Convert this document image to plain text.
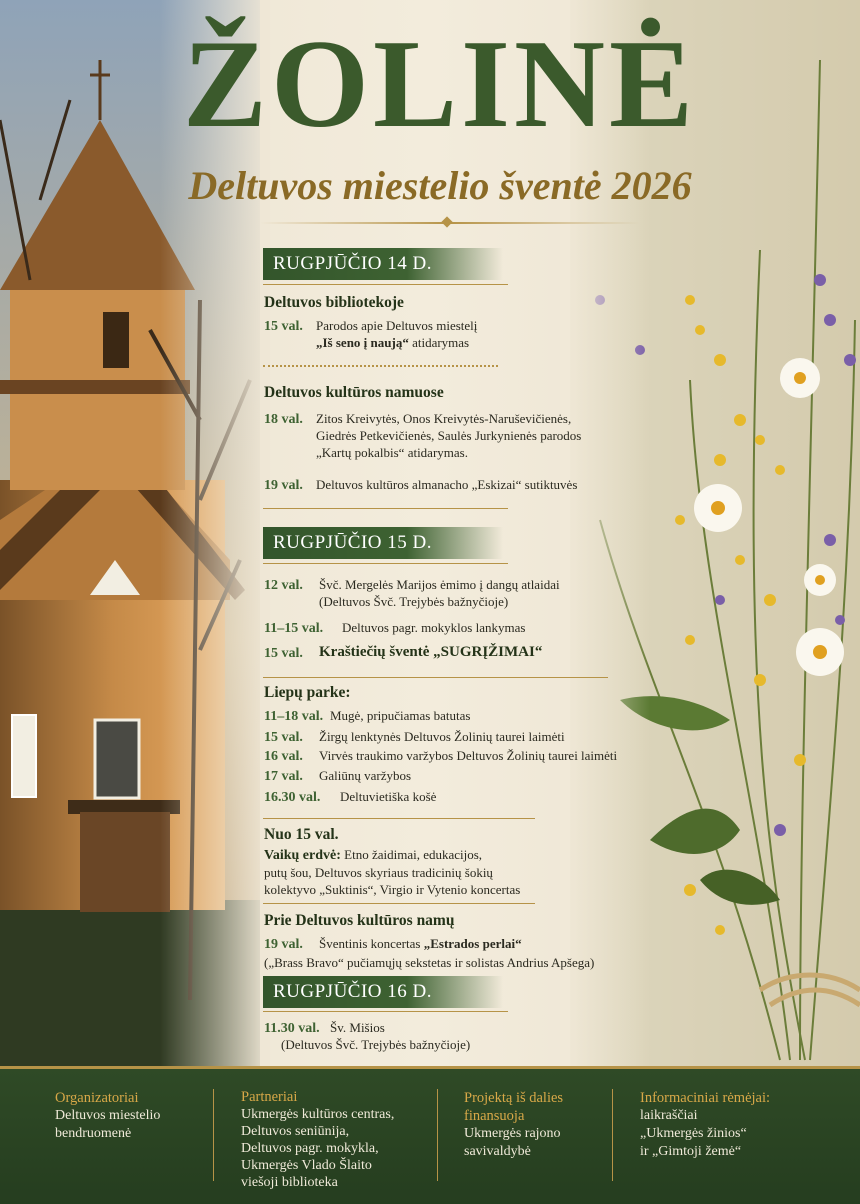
ŽOLINĖ
Deltuvos miestelio šventė 2026
RUGPJŪČIO 14 D.
Deltuvos bibliotekoje
15 val. Parodos apie Deltuvos miestelį
„Iš seno į naują“ atidarymas
Deltuvos kultūros namuose
18 val. Zitos Kreivytės, Onos Kreivytės-Naruševičienės,
Giedrės Petkevičienės, Saulės Jurkynienės parodos
„Kartų pokalbis“ atidarymas.
19 val. Deltuvos kultūros almanacho „Eskizai“ sutiktuvės
RUGPJŪČIO 15 D.
12 val. Švč. Mergelės Marijos ėmimo į dangų atlaidai
(Deltuvos Švč. Trejybės bažnyčioje)
11–15 val. Deltuvos pagr. mokyklos lankymas
15 val. Kraštiečių šventė „SUGRĮŽIMAI“
Liepų parke:
11–18 val. Mugė, pripučiamas batutas
15 val. Žirgų lenktynės Deltuvos Žolinių taurei laimėti
16 val. Virvės traukimo varžybos Deltuvos Žolinių taurei laimėti
17 val. Galiūnų varžybos
16.30 val. Deltuvietiška košė
Nuo 15 val.
Vaikų erdvė: Etno žaidimai, edukacijos,
putų šou, Deltuvos skyriaus tradicinių šokių
kolektyvo „Suktinis“, Virgio ir Vytenio koncertas
Prie Deltuvos kultūros namų
19 val. Šventinis koncertas „Estrados perlai“
(„Brass Bravo“ pučiamųjų sekstetas ir solistas Andrius Apšega)
RUGPJŪČIO 16 D.
11.30 val. Šv. Mišios
(Deltuvos Švč. Trejybės bažnyčioje)
Organizatoriai
Deltuvos miestelio
bendruomenė
Partneriai
Ukmergės kultūros centras,
Deltuvos seniūnija,
Deltuvos pagr. mokykla,
Ukmergės Vlado Šlaito
viešoji biblioteka
Projektą iš dalies
finansuoja
Ukmergės rajono
savivaldybė
Informaciniai rėmėjai:
laikraščiai
„Ukmergės žinios“
ir „Gimtoji žemė“
